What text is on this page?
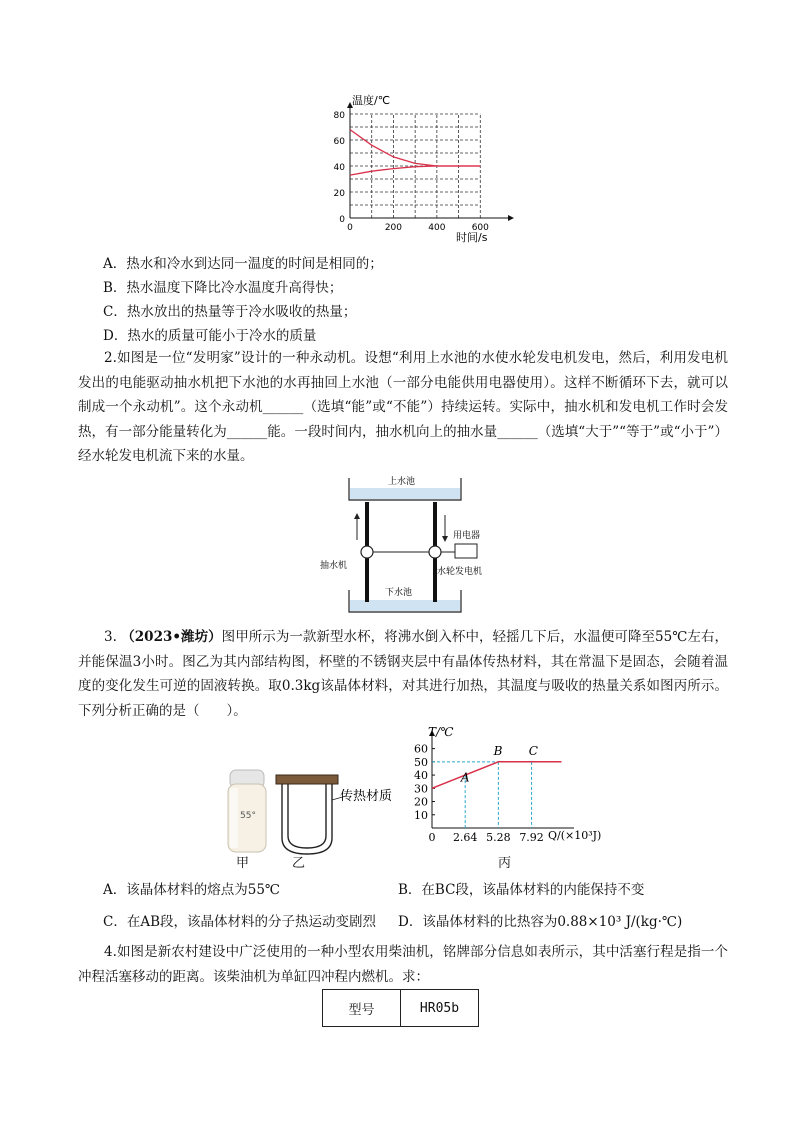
温度/℃
时间/s
0
20
40
60
80
0	200	400	600
A．热水和冷水到达同一温度的时间是相同的；
B．热水温度下降比冷水温度升高得快；
C．热水放出的热量等于冷水吸收的热量；
D．热水的质量可能小于冷水的质量
2.如图是一位“发明家”设计的一种永动机。设想“利用上水池的水使水轮发电机发电，然后，利用发电机发出的电能驱动抽水机把下水池的水再抽回上水池（一部分电能供用电器使用）。这样不断循环下去，就可以制成一个永动机”。这个永动机______（选填“能”或“不能”）持续运转。实际中，抽水机和发电机工作时会发热，有一部分能量转化为______能。一段时间内，抽水机向上的抽水量______（选填“大于”“等于”或“小于”）经水轮发电机流下来的水量。
上水池
下水池
用电器
抽水机
水轮发电机
3. （2023•潍坊）图甲所示为一款新型水杯，将沸水倒入杯中，轻摇几下后，水温便可降至55℃左右，并能保温3小时。图乙为其内部结构图，杯壁的不锈钢夹层中有晶体传热材料，其在常温下是固态，会随着温度的变化发生可逆的固液转换。取0.3kg该晶体材料，对其进行加热，其温度与吸收的热量关系如图丙所示。下列分析正确的是（　　）。
55°
甲
传热材质
乙
10
20
30
40
50
60
0 2.64 5.28 7.92
A
B C
T/℃
Q/(×10³J)
丙
A．该晶体材料的熔点为55℃	B．在BC段，该晶体材料的内能保持不变
C．在AB段，该晶体材料的分子热运动变剧烈 D．该晶体材料的比热容为0.88×10³ J/(kg·℃)
4.如图是新农村建设中广泛使用的一种小型农用柴油机，铭牌部分信息如表所示，其中活塞行程是指一个冲程活塞移动的距离。该柴油机为单缸四冲程内燃机。求：
型号	HR05b
